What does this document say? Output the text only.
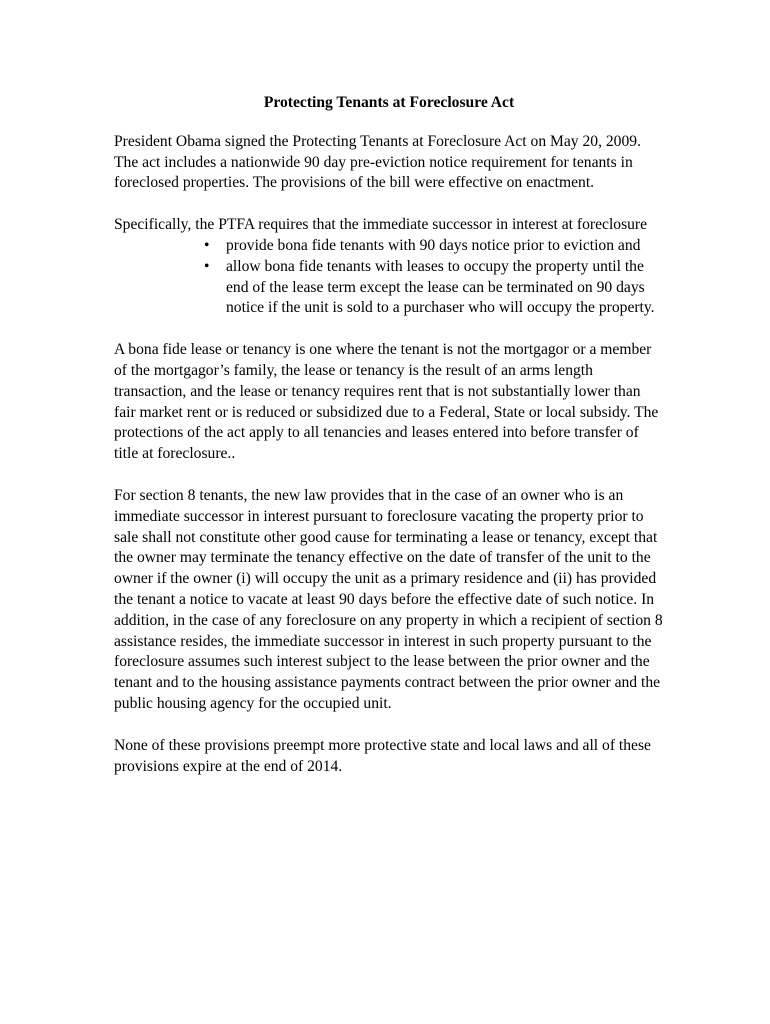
Protecting Tenants at Foreclosure Act

President Obama signed the Protecting Tenants at Foreclosure Act on May 20, 2009. The act includes a nationwide 90 day pre-eviction notice requirement for tenants in foreclosed properties. The provisions of the bill were effective on enactment.

Specifically, the PTFA requires that the immediate successor in interest at foreclosure

• provide bona fide tenants with 90 days notice prior to eviction and
• allow bona fide tenants with leases to occupy the property until the end of the lease term except the lease can be terminated on 90 days notice if the unit is sold to a purchaser who will occupy the property.

A bona fide lease or tenancy is one where the tenant is not the mortgagor or a member of the mortgagor’s family, the lease or tenancy is the result of an arms length transaction, and the lease or tenancy requires rent that is not substantially lower than fair market rent or is reduced or subsidized due to a Federal, State or local subsidy. The protections of the act apply to all tenancies and leases entered into before transfer of title at foreclosure..

For section 8 tenants, the new law provides that in the case of an owner who is an immediate successor in interest pursuant to foreclosure vacating the property prior to sale shall not constitute other good cause for terminating a lease or tenancy, except that the owner may terminate the tenancy effective on the date of transfer of the unit to the owner if the owner (i) will occupy the unit as a primary residence and (ii) has provided the tenant a notice to vacate at least 90 days before the effective date of such notice. In addition, in the case of any foreclosure on any property in which a recipient of section 8 assistance resides, the immediate successor in interest in such property pursuant to the foreclosure assumes such interest subject to the lease between the prior owner and the tenant and to the housing assistance payments contract between the prior owner and the public housing agency for the occupied unit.

None of these provisions preempt more protective state and local laws and all of these provisions expire at the end of 2014.
